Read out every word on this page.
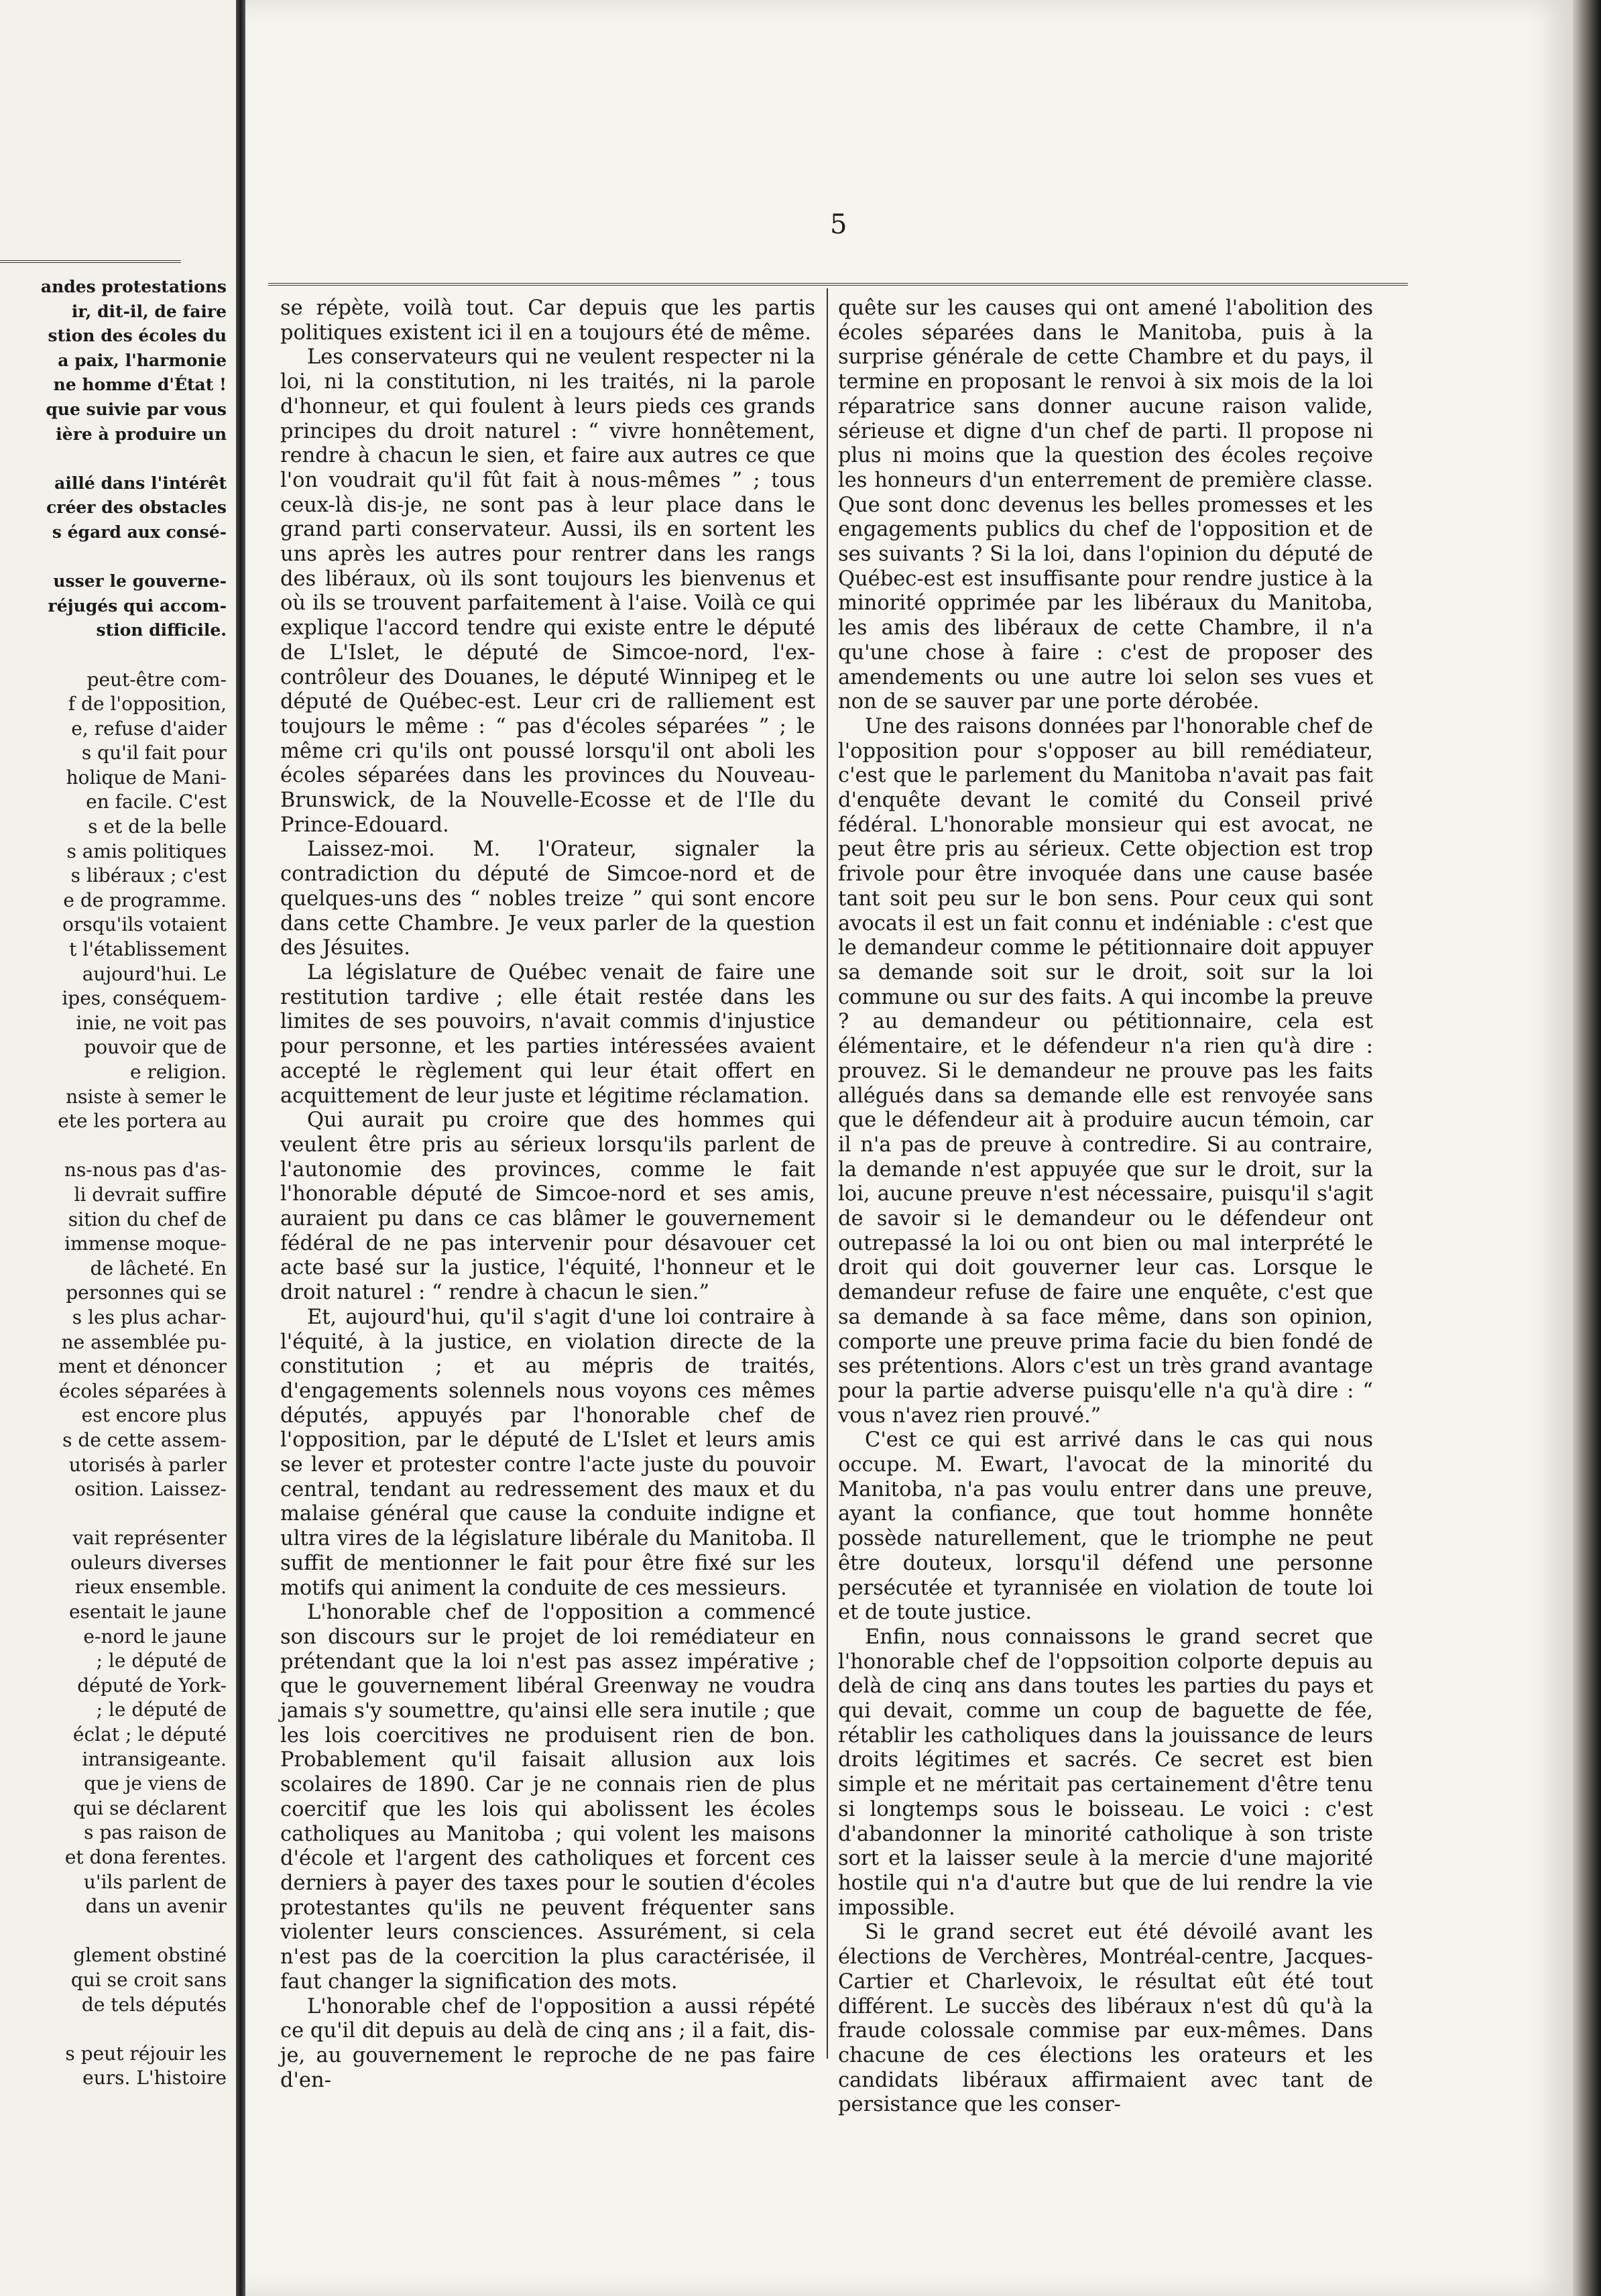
andes protestations
ir, dit-il, de faire
stion des écoles du
a paix, l'harmonie
ne homme d'État !
que suivie par vous
ière à produire un

aillé dans l'intérêt
créer des obstacles
s égard aux consé-

usser le gouverne-
réjugés qui accom-
stion difficile.

peut-être com-
f de l'opposition,
e, refuse d'aider
s qu'il fait pour
holique de Mani-
en facile. C'est
s et de la belle
s amis politiques
s libéraux ; c'est
e de programme.
orsqu'ils votaient
t l'établissement
aujourd'hui. Le
ipes, conséquem-
inie, ne voit pas
pouvoir que de
e religion.
nsiste à semer le
ete les portera au

ns-nous pas d'as-
li devrait suffire
sition du chef de
immense moque-
de lâcheté. En
personnes qui se
s les plus achar-
ne assemblée pu-
ment et dénoncer
écoles séparées à
est encore plus
s de cette assem-
utorisés à parler
osition. Laissez-

vait représenter
ouleurs diverses
rieux ensemble.
esentait le jaune
e-nord le jaune
; le député de
député de York-
; le député de
éclat ; le député
intransigeante.
que je viens de
qui se déclarent
s pas raison de
et dona ferentes.
u'ils parlent de
dans un avenir

glement obstiné
qui se croit sans
de tels députés

s peut réjouir les
eurs. L'histoire
5

se répète, voilà tout. Car depuis que les partis politiques existent ici il en a toujours été de même.

Les conservateurs qui ne veulent respecter ni la loi, ni la constitution, ni les traités, ni la parole d'honneur, et qui foulent à leurs pieds ces grands principes du droit naturel : “ vivre honnêtement, rendre à chacun le sien, et faire aux autres ce que l'on voudrait qu'il fût fait à nous-mêmes ” ; tous ceux-là dis-je, ne sont pas à leur place dans le grand parti conservateur. Aussi, ils en sortent les uns après les autres pour rentrer dans les rangs des libéraux, où ils sont toujours les bienvenus et où ils se trouvent parfaitement à l'aise. Voilà ce qui explique l'accord tendre qui existe entre le député de L'Islet, le député de Simcoe-nord, l'ex-contrôleur des Douanes, le député Winnipeg et le député de Québec-est. Leur cri de ralliement est toujours le même : “ pas d'écoles séparées ” ; le même cri qu'ils ont poussé lorsqu'il ont aboli les écoles séparées dans les provinces du Nouveau-Brunswick, de la Nouvelle-Ecosse et de l'Ile du Prince-Edouard.

Laissez-moi. M. l'Orateur, signaler la contradiction du député de Simcoe-nord et de quelques-uns des “ nobles treize ” qui sont encore dans cette Chambre. Je veux parler de la question des Jésuites.

La législature de Québec venait de faire une restitution tardive ; elle était restée dans les limites de ses pouvoirs, n'avait commis d'injustice pour personne, et les parties intéressées avaient accepté le règlement qui leur était offert en acquittement de leur juste et légitime réclamation.

Qui aurait pu croire que des hommes qui veulent être pris au sérieux lorsqu'ils parlent de l'autonomie des provinces, comme le fait l'honorable député de Simcoe-nord et ses amis, auraient pu dans ce cas blâmer le gouvernement fédéral de ne pas intervenir pour désavouer cet acte basé sur la justice, l'équité, l'honneur et le droit naturel : “ rendre à chacun le sien.”

Et, aujourd'hui, qu'il s'agit d'une loi contraire à l'équité, à la justice, en violation directe de la constitution ; et au mépris de traités, d'engagements solennels nous voyons ces mêmes députés, appuyés par l'honorable chef de l'opposition, par le député de L'Islet et leurs amis se lever et protester contre l'acte juste du pouvoir central, tendant au redressement des maux et du malaise général que cause la conduite indigne et ultra vires de la législature libérale du Manitoba. Il suffit de mentionner le fait pour être fixé sur les motifs qui animent la conduite de ces messieurs.

L'honorable chef de l'opposition a commencé son discours sur le projet de loi remédiateur en prétendant que la loi n'est pas assez impérative ; que le gouvernement libéral Greenway ne voudra jamais s'y soumettre, qu'ainsi elle sera inutile ; que les lois coercitives ne produisent rien de bon. Probablement qu'il faisait allusion aux lois scolaires de 1890. Car je ne connais rien de plus coercitif que les lois qui abolissent les écoles catholiques au Manitoba ; qui volent les maisons d'école et l'argent des catholiques et forcent ces derniers à payer des taxes pour le soutien d'écoles protestantes qu'ils ne peuvent fréquenter sans violenter leurs consciences. Assurément, si cela n'est pas de la coercition la plus caractérisée, il faut changer la signification des mots.

L'honorable chef de l'opposition a aussi répété ce qu'il dit depuis au delà de cinq ans ; il a fait, dis-je, au gouvernement le reproche de ne pas faire d'en-

quête sur les causes qui ont amené l'abolition des écoles séparées dans le Manitoba, puis à la surprise générale de cette Chambre et du pays, il termine en proposant le renvoi à six mois de la loi réparatrice sans donner aucune raison valide, sérieuse et digne d'un chef de parti. Il propose ni plus ni moins que la question des écoles reçoive les honneurs d'un enterrement de première classe. Que sont donc devenus les belles promesses et les engagements publics du chef de l'opposition et de ses suivants ? Si la loi, dans l'opinion du député de Québec-est est insuffisante pour rendre justice à la minorité opprimée par les libéraux du Manitoba, les amis des libéraux de cette Chambre, il n'a qu'une chose à faire : c'est de proposer des amendements ou une autre loi selon ses vues et non de se sauver par une porte dérobée.

Une des raisons données par l'honorable chef de l'opposition pour s'opposer au bill remédiateur, c'est que le parlement du Manitoba n'avait pas fait d'enquête devant le comité du Conseil privé fédéral. L'honorable monsieur qui est avocat, ne peut être pris au sérieux. Cette objection est trop frivole pour être invoquée dans une cause basée tant soit peu sur le bon sens. Pour ceux qui sont avocats il est un fait connu et indéniable : c'est que le demandeur comme le pétitionnaire doit appuyer sa demande soit sur le droit, soit sur la loi commune ou sur des faits. A qui incombe la preuve ? au demandeur ou pétitionnaire, cela est élémentaire, et le défendeur n'a rien qu'à dire : prouvez. Si le demandeur ne prouve pas les faits allégués dans sa demande elle est renvoyée sans que le défendeur ait à produire aucun témoin, car il n'a pas de preuve à contredire. Si au contraire, la demande n'est appuyée que sur le droit, sur la loi, aucune preuve n'est nécessaire, puisqu'il s'agit de savoir si le demandeur ou le défendeur ont outrepassé la loi ou ont bien ou mal interprété le droit qui doit gouverner leur cas. Lorsque le demandeur refuse de faire une enquête, c'est que sa demande à sa face même, dans son opinion, comporte une preuve prima facie du bien fondé de ses prétentions. Alors c'est un très grand avantage pour la partie adverse puisqu'elle n'a qu'à dire : “ vous n'avez rien prouvé.”

C'est ce qui est arrivé dans le cas qui nous occupe. M. Ewart, l'avocat de la minorité du Manitoba, n'a pas voulu entrer dans une preuve, ayant la confiance, que tout homme honnête possède naturellement, que le triomphe ne peut être douteux, lorsqu'il défend une personne persécutée et tyrannisée en violation de toute loi et de toute justice.

Enfin, nous connaissons le grand secret que l'honorable chef de l'oppsoition colporte depuis au delà de cinq ans dans toutes les parties du pays et qui devait, comme un coup de baguette de fée, rétablir les catholiques dans la jouissance de leurs droits légitimes et sacrés. Ce secret est bien simple et ne méritait pas certainement d'être tenu si longtemps sous le boisseau. Le voici : c'est d'abandonner la minorité catholique à son triste sort et la laisser seule à la mercie d'une majorité hostile qui n'a d'autre but que de lui rendre la vie impossible.

Si le grand secret eut été dévoilé avant les élections de Verchères, Montréal-centre, Jacques-Cartier et Charlevoix, le résultat eût été tout différent. Le succès des libéraux n'est dû qu'à la fraude colossale commise par eux-mêmes. Dans chacune de ces élections les orateurs et les candidats libéraux affirmaient avec tant de persistance que les conser-
